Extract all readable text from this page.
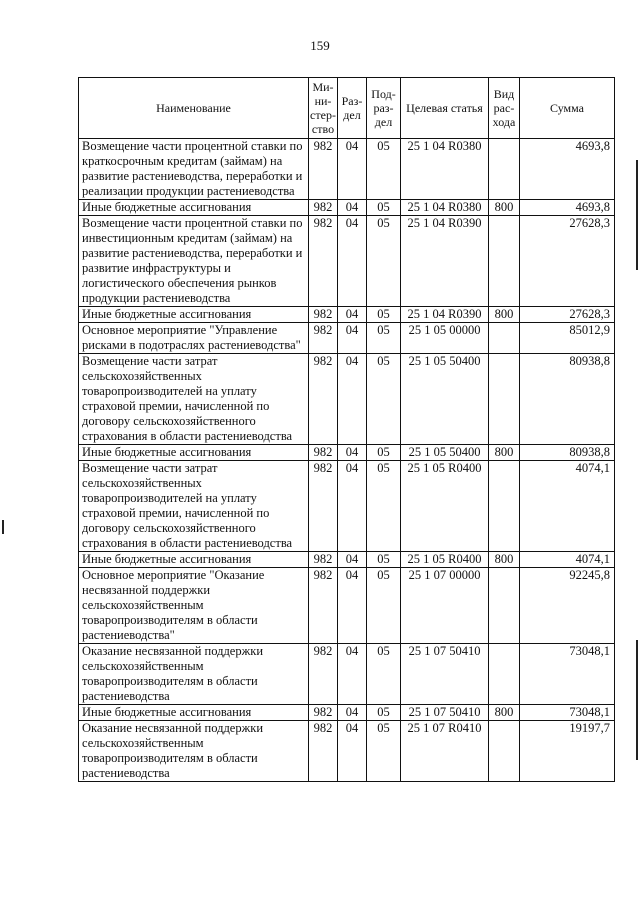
159
Наименование	Ми-ни-стер-ство	Раз-дел	Под-раз-дел	Целевая статья	Вид рас-хода	Сумма
Возмещение части процентной ставки по краткосрочным кредитам (займам) на развитие растениеводства, переработки и реализации продукции растениеводства	982	04	05	25 1 04 R0380		4693,8
Иные бюджетные ассигнования	982	04	05	25 1 04 R0380	800	4693,8
Возмещение части процентной ставки по инвестиционным кредитам (займам) на развитие растениеводства, переработки и развитие инфраструктуры и логистического обеспечения рынков продукции растениеводства	982	04	05	25 1 04 R0390		27628,3
Иные бюджетные ассигнования	982	04	05	25 1 04 R0390	800	27628,3
Основное мероприятие "Управление рисками в подотраслях растениеводства"	982	04	05	25 1 05 00000		85012,9
Возмещение части затрат сельскохозяйственных товаропроизводителей на уплату страховой премии, начисленной по договору сельскохозяйственного страхования в области растениеводства	982	04	05	25 1 05 50400		80938,8
Иные бюджетные ассигнования	982	04	05	25 1 05 50400	800	80938,8
Возмещение части затрат сельскохозяйственных товаропроизводителей на уплату страховой премии, начисленной по договору сельскохозяйственного страхования в области растениеводства	982	04	05	25 1 05 R0400		4074,1
Иные бюджетные ассигнования	982	04	05	25 1 05 R0400	800	4074,1
Основное мероприятие "Оказание несвязанной поддержки сельскохозяйственным товаропроизводителям в области растениеводства"	982	04	05	25 1 07 00000		92245,8
Оказание несвязанной поддержки сельскохозяйственным товаропроизводителям в области растениеводства	982	04	05	25 1 07 50410		73048,1
Иные бюджетные ассигнования	982	04	05	25 1 07 50410	800	73048,1
Оказание несвязанной поддержки сельскохозяйственным товаропроизводителям в области растениеводства	982	04	05	25 1 07 R0410		19197,7
